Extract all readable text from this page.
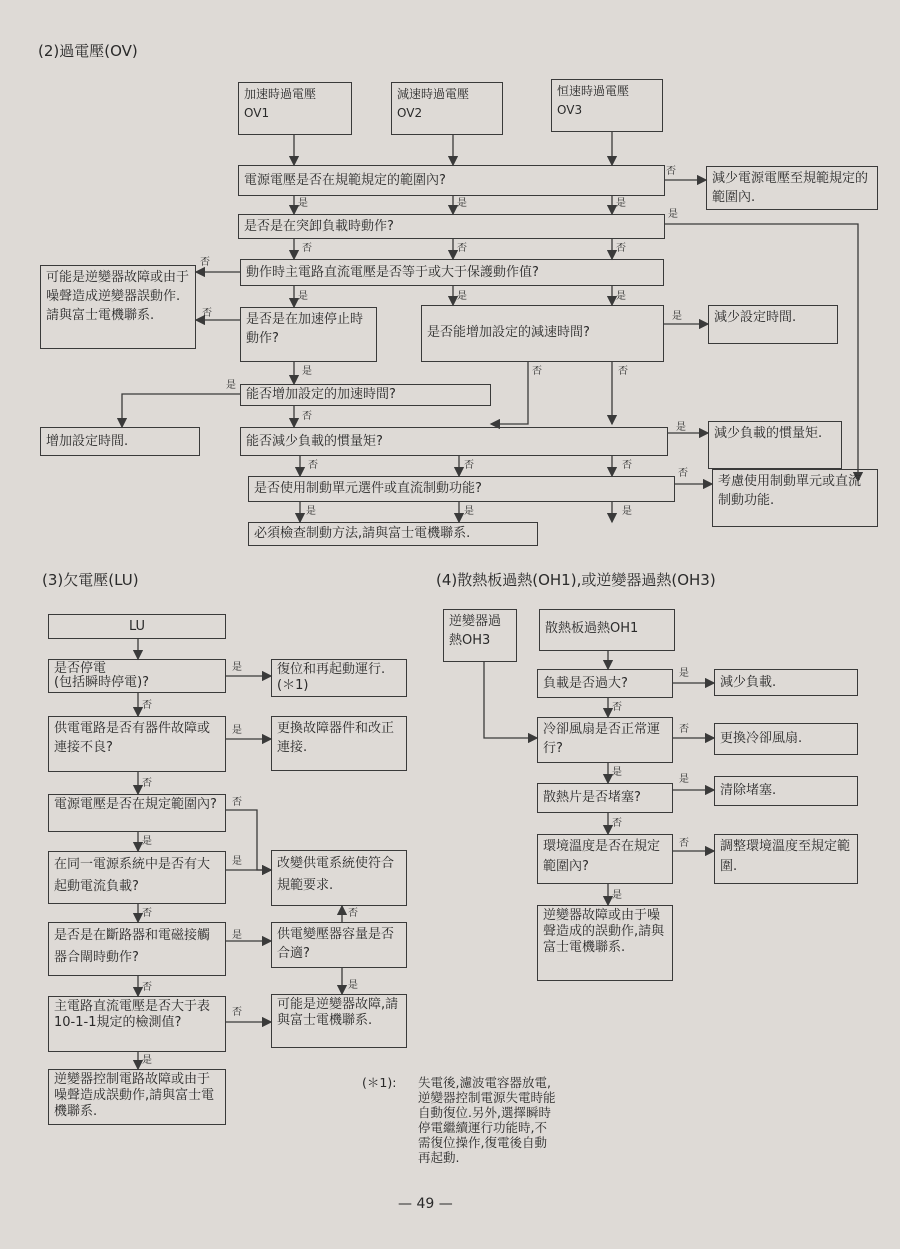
(2)過電壓(OV)
(3)欠電壓(LU)	(4)散熱板過熱(OH1),或逆變器過熱(OH3)
加速時過電壓
OV1
減速時過電壓
OV2
恒速時過電壓
OV3
電源電壓是否在規範規定的範圍內?	減少電源電壓至規範規定的範圍內.
是否是在突卸負載時動作?
動作時主電路直流電壓是否等于或大于保護動作值?
可能是逆變器故障或由于噪聲造成逆變器誤動作.請與富士電機聯系.	是否是在加速停止時動作?	是否能增加設定的減速時間?
減少設定時間.
能否增加設定的加速時間?
增加設定時間.	能否減少負載的慣量矩?
減少負載的慣量矩.
是否使用制動單元選件或直流制動功能?	考慮使用制動單元或直流制動功能.
必須檢查制動方法,請與富士電機聯系.
否
是	是	是
是
否	否	否
否
是	是	是
否	是
是	否	否
是
否
是
否	否	否
否
是	是	是
LU
是否停電
(包括瞬時停電)?
復位和再起動運行.(＊1)
供電電路是否有器件故障或連接不良?
更換故障器件和改正連接.
電源電壓是否在規定範圍內?
在同一電源系統中是否有大起動電流負載?
改變供電系統使符合規範要求.
是否是在斷路器和電磁接觸器合閘時動作?
供電變壓器容量是否合適?
主電路直流電壓是否大于表10-1-1規定的檢測值?
可能是逆變器故障,請與富士電機聯系.
逆變器控制電路故障或由于噪聲造成誤動作,請與富士電機聯系.
是
否
是
否
否
是
是
否	否
是
是
否
否
是
逆變器過熱OH3
散熱板過熱OH1
負載是否過大?	減少負載.
冷卻風扇是否正常運行?
更換冷卻風扇.
散熱片是否堵塞?	清除堵塞.
環境溫度是否在規定範圍內?
調整環境溫度至規定範圍.
逆變器故障或由于噪聲造成的誤動作,請與富士電機聯系.
是
否
否
是
是
否
否
是
(＊1): 失電後,濾波電容器放電,
逆變器控制電源失電時能
自動復位.另外,選擇瞬時
停電繼續運行功能時,不
需復位操作,復電後自動
再起動.
— 49 —
